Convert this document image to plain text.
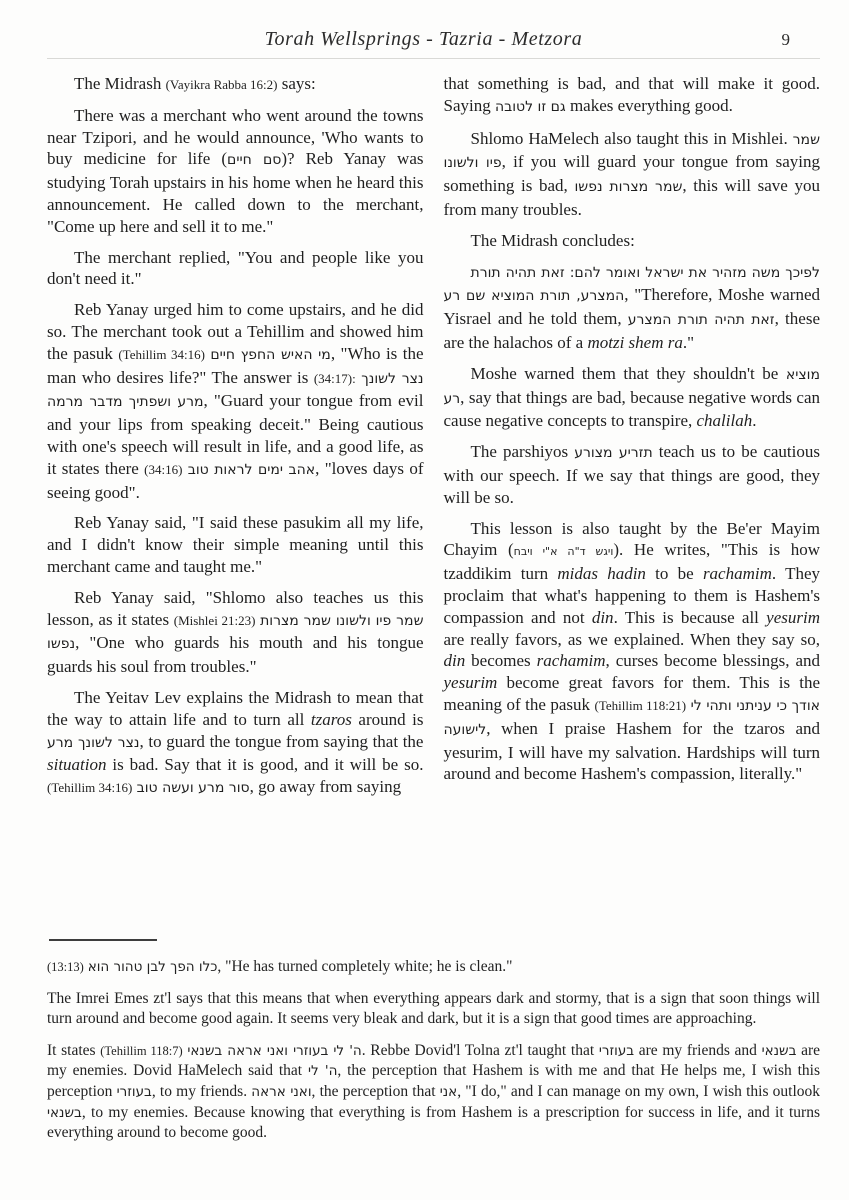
Torah Wellsprings - Tazria - Metzora	9

The Midrash (Vayikra Rabba 16:2) says:

There was a merchant who went around the towns near Tzipori, and he would announce, 'Who wants to buy medicine for life (סם חיים)? Reb Yanay was studying Torah upstairs in his home when he heard this announcement. He called down to the merchant, "Come up here and sell it to me."

The merchant replied, "You and people like you don't need it."

Reb Yanay urged him to come upstairs, and he did so. The merchant took out a Tehillim and showed him the pasuk (Tehillim 34:16) מי האיש החפץ חיים, "Who is the man who desires life?" The answer is (34:17): נצר לשונך מרע ושפתיך מדבר מרמה, "Guard your tongue from evil and your lips from speaking deceit." Being cautious with one's speech will result in life, and a good life, as it states there (34:16) אהב ימים לראות טוב, "loves days of seeing good".

Reb Yanay said, "I said these pasukim all my life, and I didn't know their simple meaning until this merchant came and taught me."

Reb Yanay said, "Shlomo also teaches us this lesson, as it states (Mishlei 21:23) שמר פיו ולשונו שמר מצרות נפשו, "One who guards his mouth and his tongue guards his soul from troubles."

The Yeitav Lev explains the Midrash to mean that the way to attain life and to turn all tzaros around is נצר לשונך מרע, to guard the tongue from saying that the situation is bad. Say that it is good, and it will be so. (Tehillim 34:16) סור מרע ועשה טוב, go away from saying

that something is bad, and that will make it good. Saying גם זו לטובה makes everything good.

Shlomo HaMelech also taught this in Mishlei. שמר פיו ולשונו, if you will guard your tongue from saying something is bad, שמר מצרות נפשו, this will save you from many troubles.

The Midrash concludes:

לפיכך משה מזהיר את ישראל ואומר להם: זאת תהיה תורת המצרע, תורת המוציא שם רע, "Therefore, Moshe warned Yisrael and he told them, זאת תהיה תורת המצרע, these are the halachos of a motzi shem ra."

Moshe warned them that they shouldn't be מוציא רע, say that things are bad, because negative words can cause negative concepts to transpire, chalilah.

The parshiyos תזריע מצורע teach us to be cautious with our speech. If we say that things are good, they will be so.

This lesson is also taught by the Be'er Mayim Chayim (ויגש ד"ה א"י ויבח). He writes, "This is how tzaddikim turn midas hadin to be rachamim. They proclaim that what's happening to them is Hashem's compassion and not din. This is because all yesurim are really favors, as we explained. When they say so, din becomes rachamim, curses become blessings, and yesurim become great favors for them. This is the meaning of the pasuk (Tehillim 118:21) אודך כי עניתני ותהי לי לישועה, when I praise Hashem for the tzaros and yesurim, I will have my salvation. Hardships will turn around and become Hashem's compassion, literally."

(13:13) כלו הפך לבן טהור הוא, "He has turned completely white; he is clean."

The Imrei Emes zt'l says that this means that when everything appears dark and stormy, that is a sign that soon things will turn around and become good again. It seems very bleak and dark, but it is a sign that good times are approaching.

It states (Tehillim 118:7) ה' לי בעוזרי ואני אראה בשנאי. Rebbe Dovid'l Tolna zt'l taught that בעוזרי are my friends and בשנאי are my enemies. Dovid HaMelech said that ה' לי, the perception that Hashem is with me and that He helps me, I wish this perception בעוזרי, to my friends. ואני אראה, the perception that אני, "I do," and I can manage on my own, I wish this outlook בשנאי, to my enemies. Because knowing that everything is from Hashem is a prescription for success in life, and it turns everything around to become good.
